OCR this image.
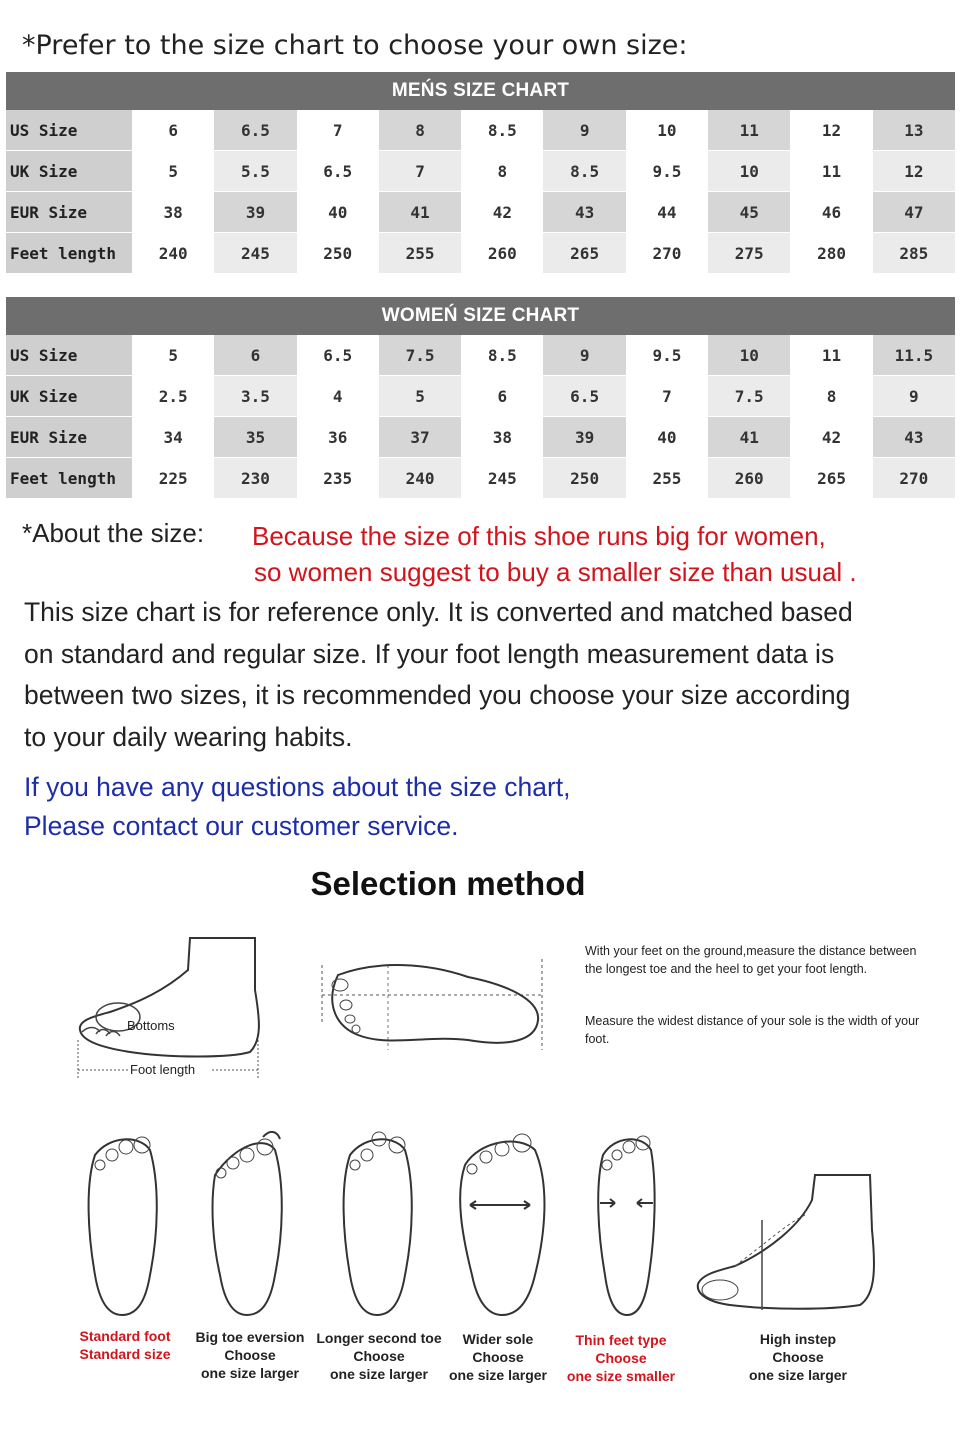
*Prefer to the size chart to choose your own size:
MEŃS SIZE CHART
US Size	6	6.5	7	8	8.5	9	10	11	12	13
UK Size	5	5.5	6.5	7	8	8.5	9.5	10	11	12
EUR Size	38	39	40	41	42	43	44	45	46	47
Feet length	240	245	250	255	260	265	270	275	280	285
WOMEŃ SIZE CHART
US Size	5	6	6.5	7.5	8.5	9	9.5	10	11	11.5
UK Size	2.5	3.5	4	5	6	6.5	7	7.5	8	9
EUR Size	34	35	36	37	38	39	40	41	42	43
Feet length	225	230	235	240	245	250	255	260	265	270
*About the size: Because the size of this shoe runs big for women,
so women suggest to buy a smaller size than usual .
This size chart is for reference only. It is converted and matched based
on standard and regular size. If your foot length measurement data is
between two sizes, it is recommended you choose your size according
to your daily wearing habits.
If you have any questions about the size chart,
Please contact our customer service.
Selection method
Bottoms
Foot length
With your feet on the ground,measure the distance between the longest toe and the heel to get your foot length.
Measure the widest distance of your sole is the width of your foot.
Standard foot
Standard size
Big toe eversion
Choose
one size larger
Longer second toe
Choose
one size larger
Wider sole
Choose
one size larger
Thin feet type
Choose
one size smaller
High instep
Choose
one size larger
